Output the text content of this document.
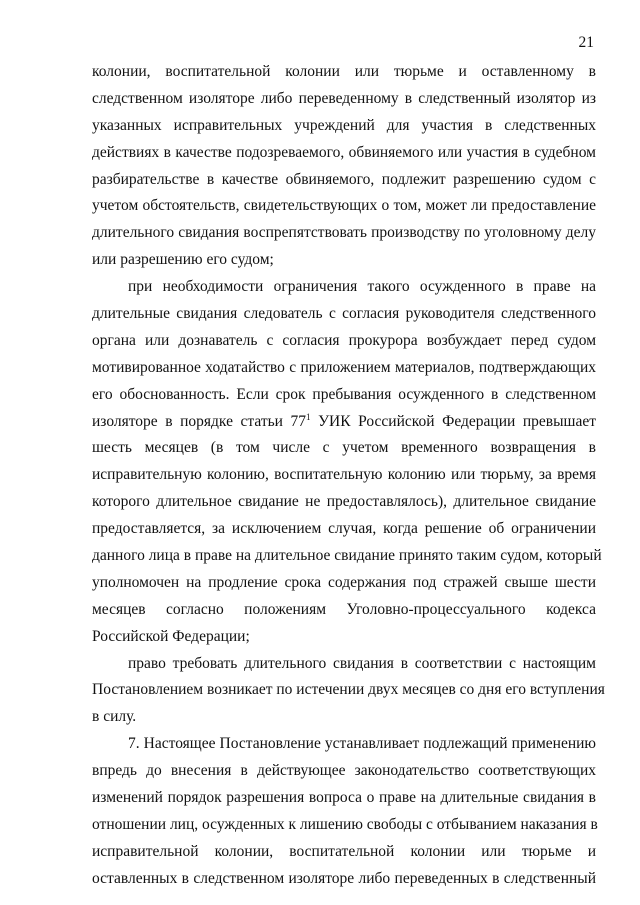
21
колонии, воспитательной колонии или тюрьме и оставленному в
следственном изоляторе либо переведенному в следственный изолятор из
указанных исправительных учреждений для участия в следственных
действиях в качестве подозреваемого, обвиняемого или участия в судебном
разбирательстве в качестве обвиняемого, подлежит разрешению судом с
учетом обстоятельств, свидетельствующих о том, может ли предоставление
длительного свидания воспрепятствовать производству по уголовному делу
или разрешению его судом;
при необходимости ограничения такого осужденного в праве на
длительные свидания следователь с согласия руководителя следственного
органа или дознаватель с согласия прокурора возбуждает перед судом
мотивированное ходатайство с приложением материалов, подтверждающих
его обоснованность. Если срок пребывания осужденного в следственном
изоляторе в порядке статьи $77^1$ УИК Российской Федерации превышает
шесть месяцев (в том числе с учетом временного возвращения в
исправительную колонию, воспитательную колонию или тюрьму, за время
которого длительное свидание не предоставлялось), длительное свидание
предоставляется, за исключением случая, когда решение об ограничении
данного лица в праве на длительное свидание принято таким судом, который
уполномочен на продление срока содержания под стражей свыше шести
месяцев согласно положениям Уголовно-процессуального кодекса
Российской Федерации;
право требовать длительного свидания в соответствии с настоящим
Постановлением возникает по истечении двух месяцев со дня его вступления
в силу.
7. Настоящее Постановление устанавливает подлежащий применению
впредь до внесения в действующее законодательство соответствующих
изменений порядок разрешения вопроса о праве на длительные свидания в
отношении лиц, осужденных к лишению свободы с отбыванием наказания в
исправительной колонии, воспитательной колонии или тюрьме и
оставленных в следственном изоляторе либо переведенных в следственный
